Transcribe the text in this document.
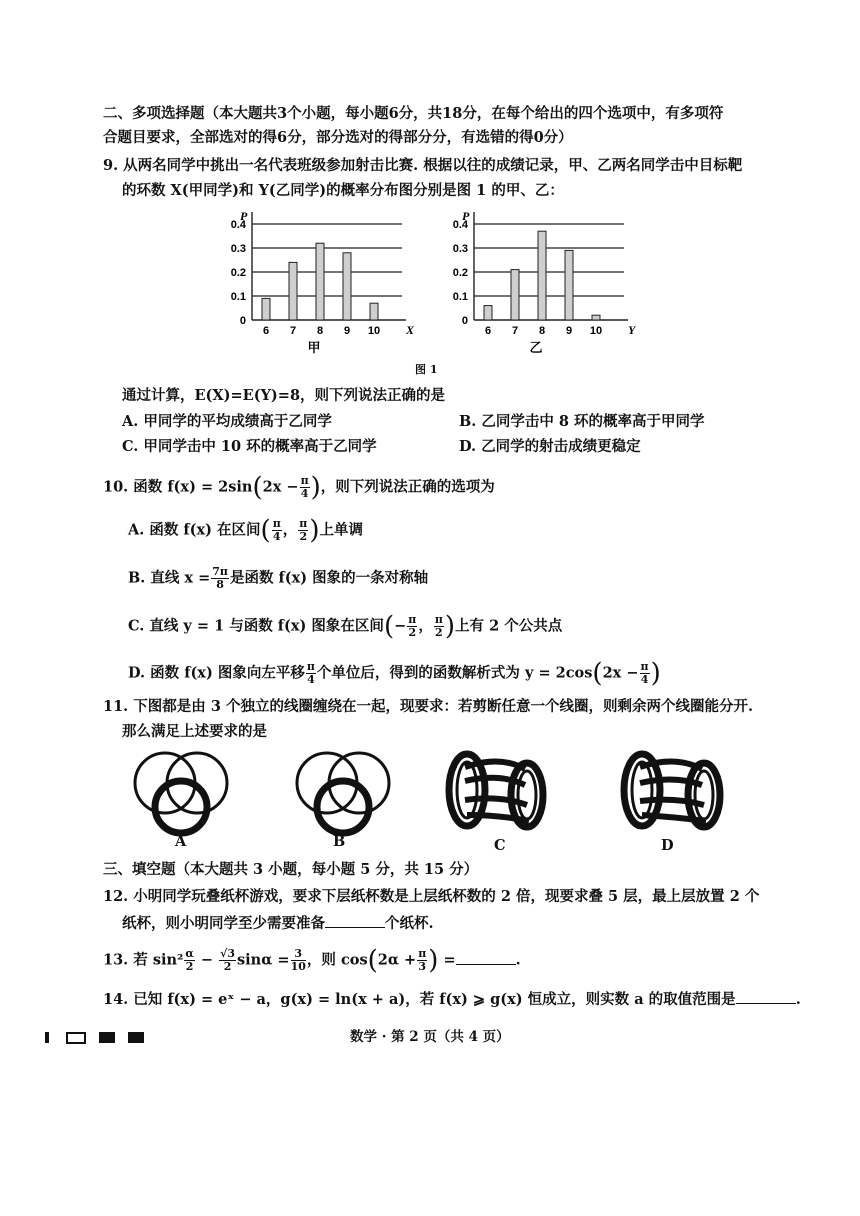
二、多项选择题（本大题共3个小题，每小题6分，共18分，在每个给出的四个选项中，有多项符
合题目要求，全部选对的得6分，部分选对的得部分分，有选错的得0分）
9. 从两名同学中挑出一名代表班级参加射击比赛. 根据以往的成绩记录，甲、乙两名同学击中目标靶
的环数 X(甲同学)和 Y(乙同学)的概率分布图分别是图 1 的甲、乙：
0
0.1
0.2
0.3
0.4
P
X
6 7 8 9 10
甲
0
0.1
0.2
0.3
0.4
P
Y
6 7 8 9 10
乙
图 1
通过计算，E(X)=E(Y)=8，则下列说法正确的是
A. 甲同学的平均成绩高于乙同学	B. 乙同学击中 8 环的概率高于甲同学
C. 甲同学击中 10 环的概率高于乙同学	D. 乙同学的射击成绩更稳定
10. 函数 $f(x) = 2\sin(2x - \frac{\pi}{4}$ )，则下列说法正确的选项为
A. 函数 f(x) 在区间( $\frac{\pi}{4}$ ， $\frac{\pi}{2}$ )上单调
B. 直线 $x = \frac{7\pi}{8}$ 是函数 f(x) 图象的一条对称轴
C. 直线 y = 1 与函数 f(x) 图象在区间(− $\frac{\pi}{2}$ ， $\frac{\pi}{2}$ )上有 2 个公共点
D. 函数 f(x) 图象向左平移 $\frac{\pi}{4}$ 个单位后，得到的函数解析式为 $y = 2\cos(2x - \frac{\pi}{4}$ )
11. 下图都是由 3 个独立的线圈缠绕在一起，现要求：若剪断任意一个线圈，则剩余两个线圈能分开.
那么满足上述要求的是
A	B	C	D
三、填空题（本大题共 3 小题，每小题 5 分，共 15 分）
12. 小明同学玩叠纸杯游戏，要求下层纸杯数是上层纸杯数的 2 倍，现要求叠 5 层，最上层放置 2 个
纸杯，则小明同学至少需要准备	个纸杯.
13. 若 $\sin^2 \frac{\alpha}{2} - \frac{√3}{2}$ $\sin\alpha = \frac{3}{10}$ ，则 $\cos(2\alpha + \frac{\pi}{3}$ ) =	.
14. 已知 f(x) = eˣ − a，g(x) = ln(x + a)，若 f(x) ⩾ g(x) 恒成立，则实数 a 的取值范围是	.
数学 · 第 2 页（共 4 页）
